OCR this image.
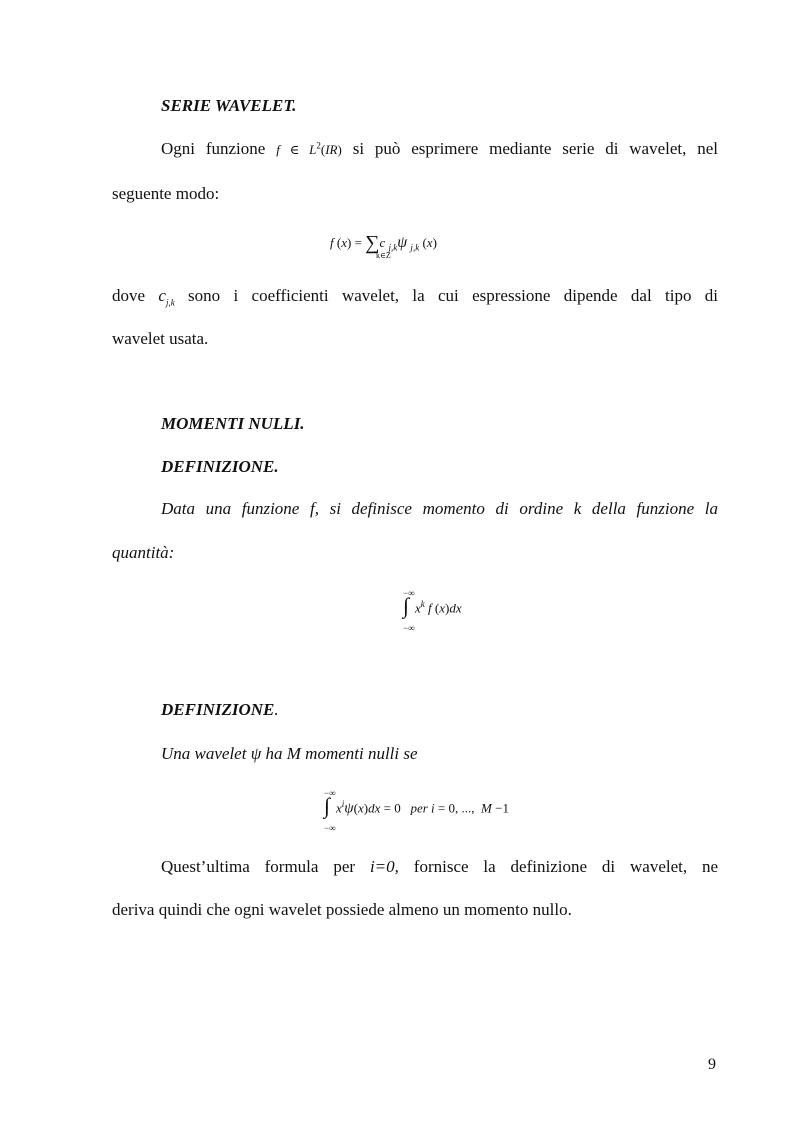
SERIE WAVELET.
Ogni funzione f ∈ $L^2(IR)$ si può esprimere mediante serie di wavelet, nel
seguente modo:
f (x) = ∑c $_{j,k}$ψ $_{j,k}$ (x)
k∈Z
dove $c_{j,k}$ sono i coefficienti wavelet, la cui espressione dipende dal tipo di
wavelet usata.
MOMENTI NULLI.
DEFINIZIONE.
Data una funzione f, si definisce momento di ordine k della funzione la
quantità:
−∞
∫ $x^k$ f (x)dx
−∞
DEFINIZIONE.
Una wavelet ψ ha M momenti nulli se
−∞
∫ $x^i\psi(x)dx = 0$   per i = 0, ...,  M −1
−∞
Quest’ultima formula per i=0, fornisce la definizione di wavelet, ne
deriva quindi che ogni wavelet possiede almeno un momento nullo.
9
